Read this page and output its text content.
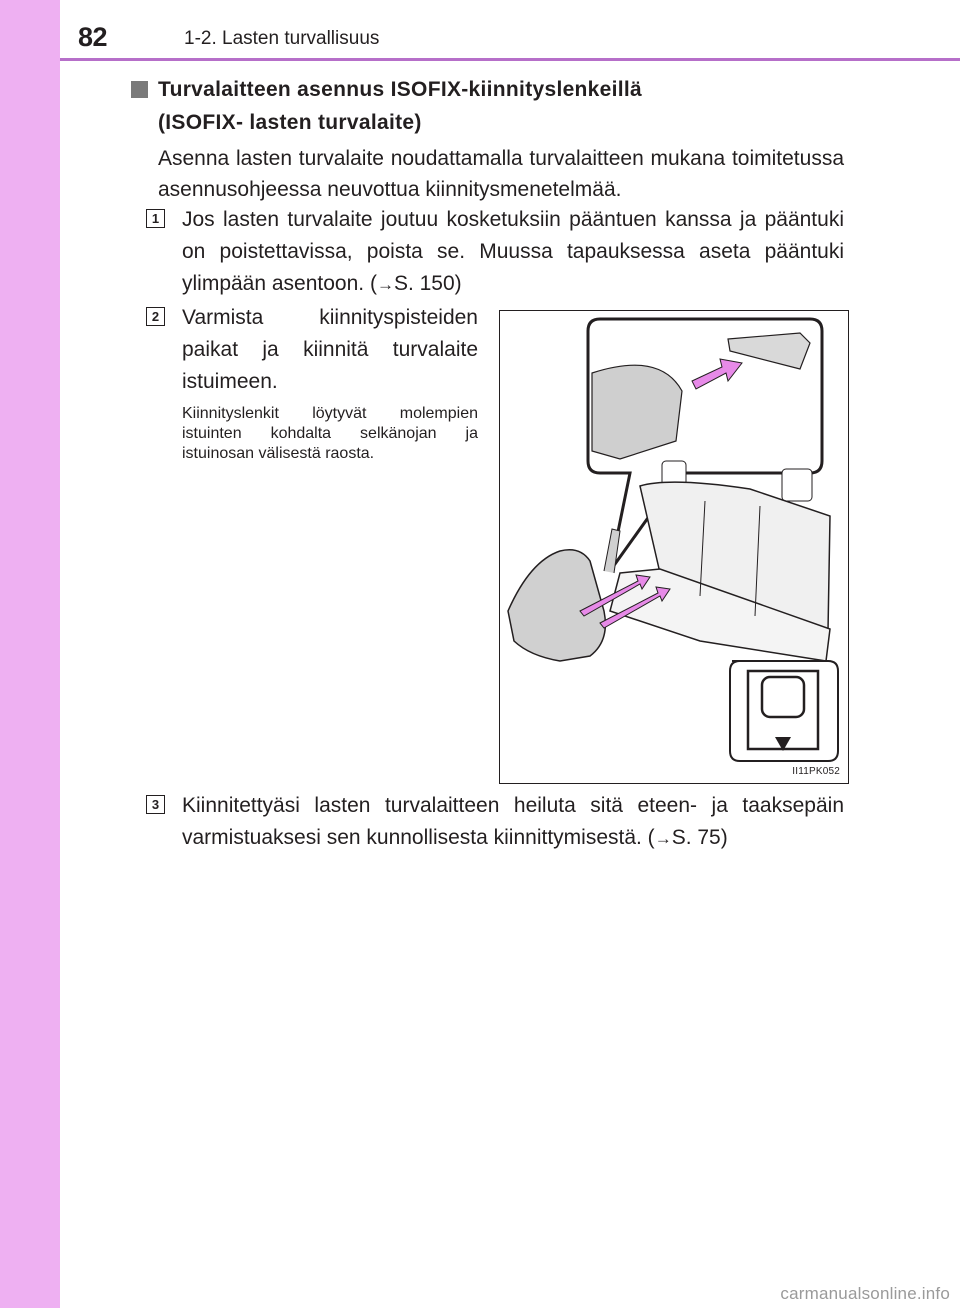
82	1-2. Lasten turvallisuus
Turvalaitteen asennus ISOFIX-kiinnityslenkeillä
(ISOFIX- lasten turvalaite)
Asenna lasten turvalaite noudattamalla turvalaitteen mukana toimitetussa asennusohjeessa neuvottua kiinnitysmenetelmää.
1 Jos lasten turvalaite joutuu kosketuksiin pääntuen kanssa ja pääntuki on poistettavissa, poista se. Muussa tapauksessa aseta pääntuki ylimpään asentoon. (→S. 150)
2 Varmista kiinnityspisteiden paikat ja kiinnitä turvalaite istuimeen.
Kiinnityslenkit löytyvät molempien istuinten kohdalta selkänojan ja istuinosan välisestä raosta.
II11PK052
3 Kiinnitettyäsi lasten turvalaitteen heiluta sitä eteen- ja taaksepäin varmistuaksesi sen kunnollisesta kiinnittymisestä. (→S. 75)
carmanualsonline.info
